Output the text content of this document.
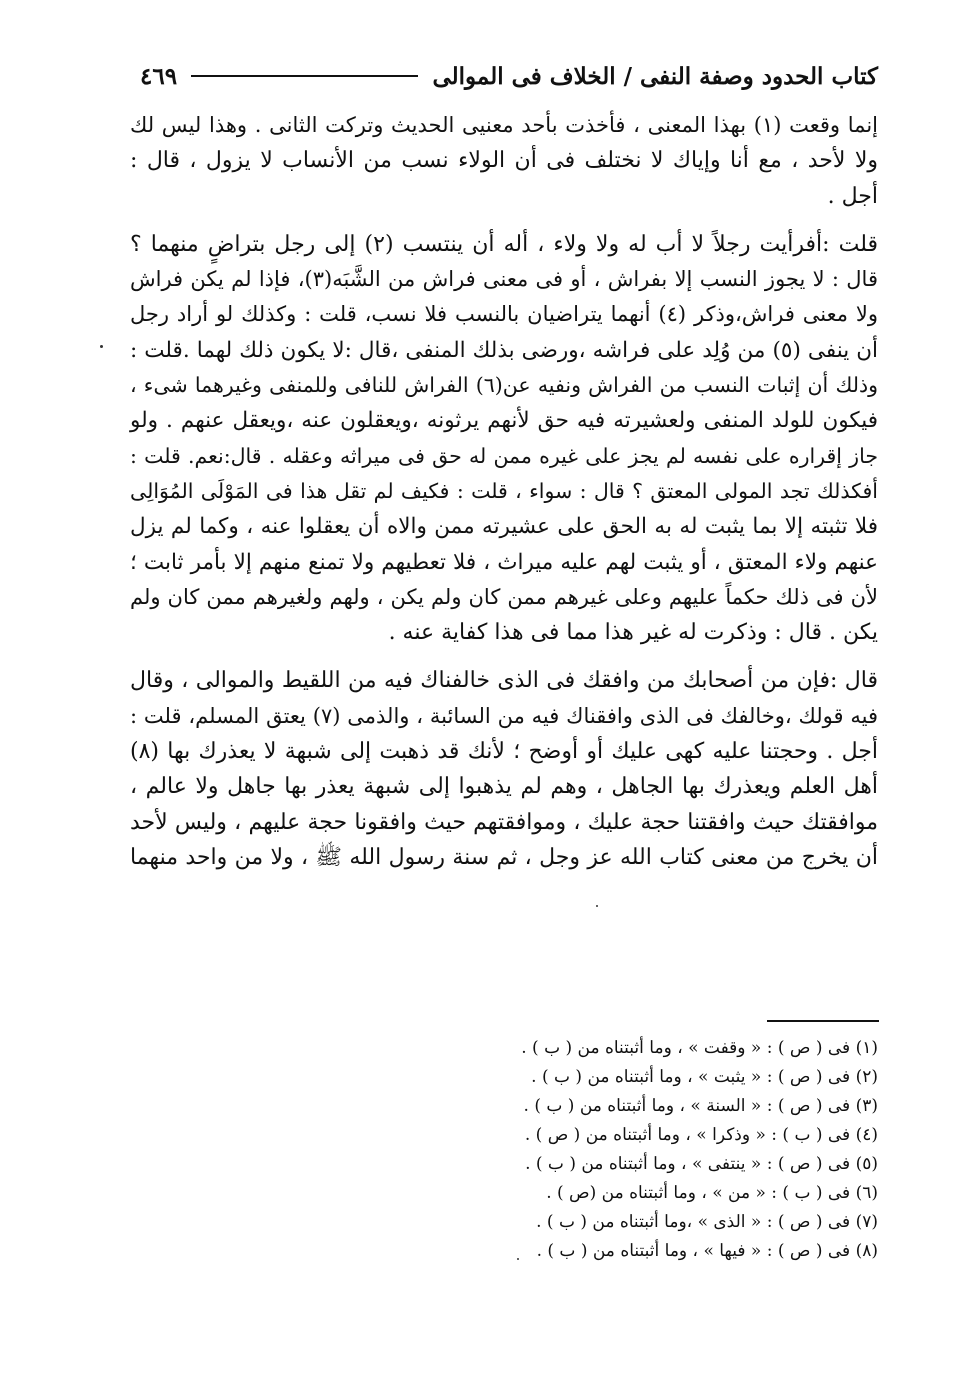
كتاب الحدود وصفة النفى / الخلاف فى الموالى
٤٦٩

إنما وقعت (١) بهذا المعنى ، فأخذت بأحد معنيى الحديث وتركت الثانى . وهذا ليس لك
ولا لأحد ، مع أنا وإياك لا نختلف فى أن الولاء نسب من الأنساب لا يزول ، قال :
أجل .

قلت :أفرأيت رجلاً لا أب له ولا ولاء ، أله أن ينتسب (٢) إلى رجل بتراضٍ منهما ؟
قال : لا يجوز النسب إلا بفراش ، أو فى معنى فراش من الشَّبَه(٣)، فإذا لم يكن فراش
ولا معنى فراش،وذكر (٤) أنهما يتراضيان بالنسب فلا نسب، قلت : وكذلك لو أراد رجل
أن ينفى (٥) من وُلِد على فراشه ،ورضى بذلك المنفى ،قال :لا يكون ذلك لهما .قلت :
وذلك أن إثبات النسب من الفراش ونفيه عن(٦) الفراش للنافى وللمنفى وغيرهما شىء ،
فيكون للولد المنفى ولعشيرته فيه حق لأنهم يرثونه ،ويعقلون عنه ،ويعقل عنهم . ولو
جاز إقراره على نفسه لم يجز على غيره ممن له حق فى ميراثه وعقله . قال:نعم. قلت :
أفكذلك تجد المولى المعتق ؟ قال : سواء ، قلت : فكيف لم تقل هذا فى المَوْلَى المُوَالِى
فلا تثبته إلا بما يثبت له به الحق على عشيرته ممن والاه أن يعقلوا عنه ، وكما لم يزل
عنهم ولاء المعتق ، أو يثبت لهم عليه ميراث ، فلا تعطيهم ولا تمنع منهم إلا بأمر ثابت ؛
لأن فى ذلك حكماً عليهم وعلى غيرهم ممن كان ولم يكن ، ولهم ولغيرهم ممن كان ولم
يكن . قال : وذكرت له غير هذا مما فى هذا كفاية عنه .

قال :فإن من أصحابك من وافقك فى الذى خالفناك فيه من اللقيط والموالى ، وقال
فيه قولك ،وخالفك فى الذى وافقناك فيه من السائبة ، والذمى (٧) يعتق المسلم، قلت :
أجل . وحجتنا عليه كهى عليك أو أوضح ؛ لأنك قد ذهبت إلى شبهة لا يعذرك بها (٨)
أهل العلم ويعذرك بها الجاهل ، وهم لم يذهبوا إلى شبهة يعذر بها جاهل ولا عالم ،
موافقتك حيث وافقتنا حجة عليك ، وموافقتهم حيث وافقونا حجة عليهم ، وليس لأحد
أن يخرج من معنى كتاب الله عز وجل ، ثم سنة رسول الله ﷺ ، ولا من واحد منهما

(١) فى ( ص ) : « وقفت » ، وما أثبتناه من ( ب ) .
(٢) فى ( ص ) : « يثبت » ، وما أثبتناه من ( ب ) .
(٣) فى ( ص ) : « السنة » ، وما أثبتناه من ( ب ) .
(٤) فى ( ب ) : « وذكرا » ، وما أثبتناه من ( ص ) .
(٥) فى ( ص ) : « ينتفى » ، وما أثبتناه من ( ب ) .
(٦) فى ( ب ) : « من » ، وما أثبتناه من (ص ) .
(٧) فى ( ص ) : « الذى » ،وما أثبتناه من ( ب ) .
(٨) فى ( ص ) : « فيها » ، وما أثبتناه من ( ب ) .
